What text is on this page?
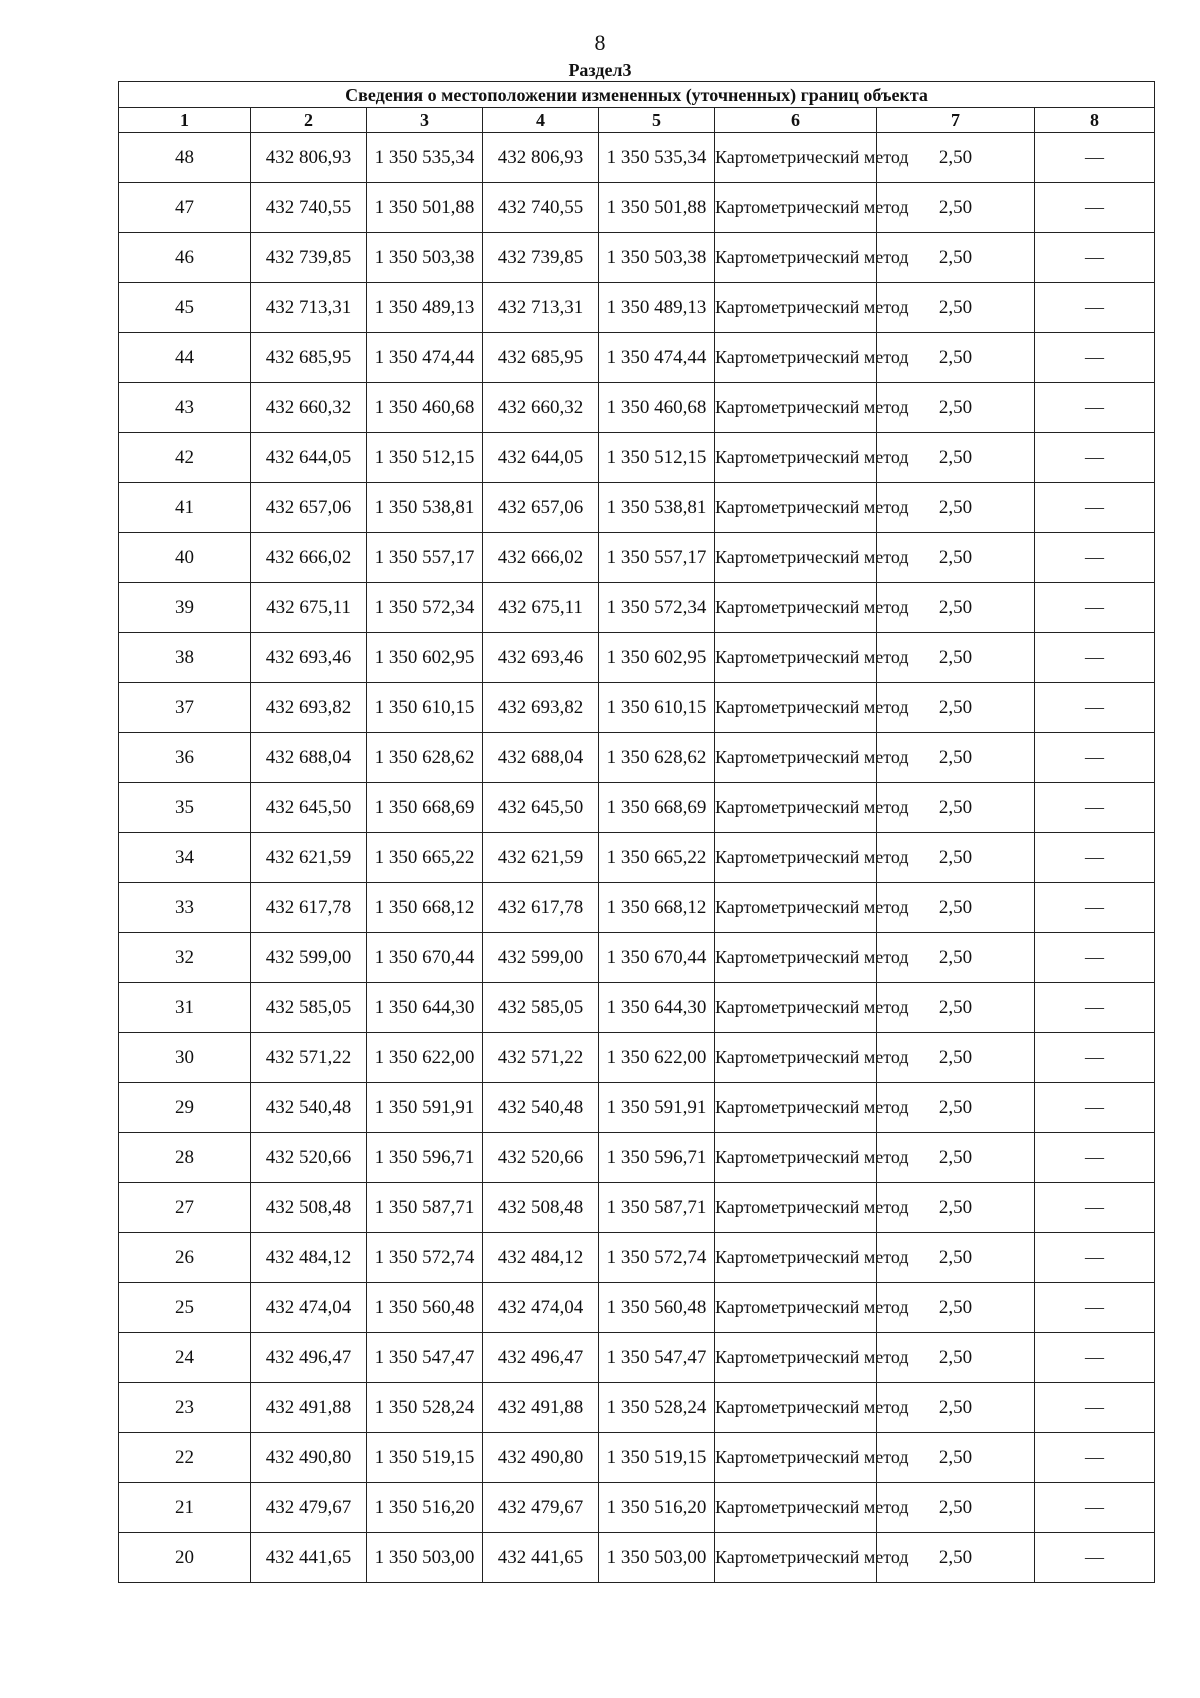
8
Раздел3
Сведения о местоположении измененных (уточненных) границ объекта							
1	2	3	4	5	6	7	8
48	432 806,93	1 350 535,34	432 806,93	1 350 535,34	Картометрический метод	2,50	—
47	432 740,55	1 350 501,88	432 740,55	1 350 501,88	Картометрический метод	2,50	—
46	432 739,85	1 350 503,38	432 739,85	1 350 503,38	Картометрический метод	2,50	—
45	432 713,31	1 350 489,13	432 713,31	1 350 489,13	Картометрический метод	2,50	—
44	432 685,95	1 350 474,44	432 685,95	1 350 474,44	Картометрический метод	2,50	—
43	432 660,32	1 350 460,68	432 660,32	1 350 460,68	Картометрический метод	2,50	—
42	432 644,05	1 350 512,15	432 644,05	1 350 512,15	Картометрический метод	2,50	—
41	432 657,06	1 350 538,81	432 657,06	1 350 538,81	Картометрический метод	2,50	—
40	432 666,02	1 350 557,17	432 666,02	1 350 557,17	Картометрический метод	2,50	—
39	432 675,11	1 350 572,34	432 675,11	1 350 572,34	Картометрический метод	2,50	—
38	432 693,46	1 350 602,95	432 693,46	1 350 602,95	Картометрический метод	2,50	—
37	432 693,82	1 350 610,15	432 693,82	1 350 610,15	Картометрический метод	2,50	—
36	432 688,04	1 350 628,62	432 688,04	1 350 628,62	Картометрический метод	2,50	—
35	432 645,50	1 350 668,69	432 645,50	1 350 668,69	Картометрический метод	2,50	—
34	432 621,59	1 350 665,22	432 621,59	1 350 665,22	Картометрический метод	2,50	—
33	432 617,78	1 350 668,12	432 617,78	1 350 668,12	Картометрический метод	2,50	—
32	432 599,00	1 350 670,44	432 599,00	1 350 670,44	Картометрический метод	2,50	—
31	432 585,05	1 350 644,30	432 585,05	1 350 644,30	Картометрический метод	2,50	—
30	432 571,22	1 350 622,00	432 571,22	1 350 622,00	Картометрический метод	2,50	—
29	432 540,48	1 350 591,91	432 540,48	1 350 591,91	Картометрический метод	2,50	—
28	432 520,66	1 350 596,71	432 520,66	1 350 596,71	Картометрический метод	2,50	—
27	432 508,48	1 350 587,71	432 508,48	1 350 587,71	Картометрический метод	2,50	—
26	432 484,12	1 350 572,74	432 484,12	1 350 572,74	Картометрический метод	2,50	—
25	432 474,04	1 350 560,48	432 474,04	1 350 560,48	Картометрический метод	2,50	—
24	432 496,47	1 350 547,47	432 496,47	1 350 547,47	Картометрический метод	2,50	—
23	432 491,88	1 350 528,24	432 491,88	1 350 528,24	Картометрический метод	2,50	—
22	432 490,80	1 350 519,15	432 490,80	1 350 519,15	Картометрический метод	2,50	—
21	432 479,67	1 350 516,20	432 479,67	1 350 516,20	Картометрический метод	2,50	—
20	432 441,65	1 350 503,00	432 441,65	1 350 503,00	Картометрический метод	2,50	—
